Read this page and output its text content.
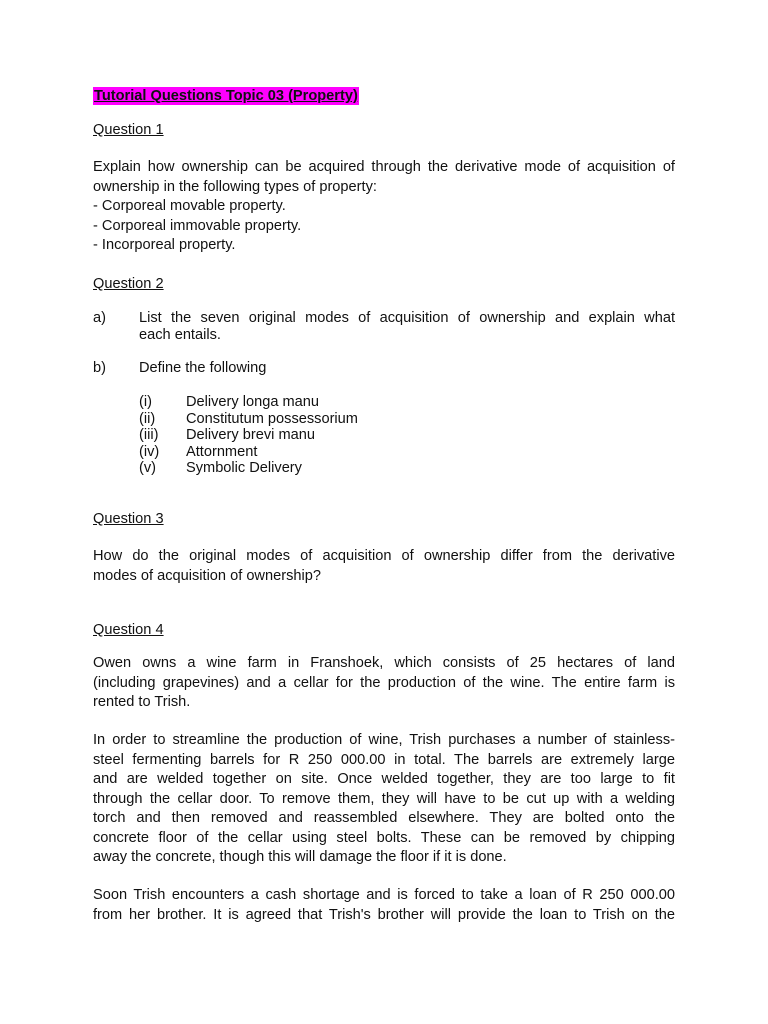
Tutorial Questions Topic 03 (Property)
Question 1
Explain how ownership can be acquired through the derivative mode of acquisition of
ownership in the following types of property:
- Corporeal movable property.
- Corporeal immovable property.
- Incorporeal property.
Question 2
a) List the seven original modes of acquisition of ownership and explain what
each entails.
b) Define the following
(i) Delivery longa manu
(ii) Constitutum possessorium
(iii) Delivery brevi manu
(iv) Attornment
(v) Symbolic Delivery
Question 3
How do the original modes of acquisition of ownership differ from the derivative
modes of acquisition of ownership?
Question 4
Owen owns a wine farm in Franshoek, which consists of 25 hectares of land
(including grapevines) and a cellar for the production of the wine. The entire farm is
rented to Trish.
In order to streamline the production of wine, Trish purchases a number of stainless-
steel fermenting barrels for R 250 000.00 in total. The barrels are extremely large
and are welded together on site. Once welded together, they are too large to fit
through the cellar door. To remove them, they will have to be cut up with a welding
torch and then removed and reassembled elsewhere. They are bolted onto the
concrete floor of the cellar using steel bolts. These can be removed by chipping
away the concrete, though this will damage the floor if it is done.
Soon Trish encounters a cash shortage and is forced to take a loan of R 250 000.00
from her brother. It is agreed that Trish's brother will provide the loan to Trish on the
